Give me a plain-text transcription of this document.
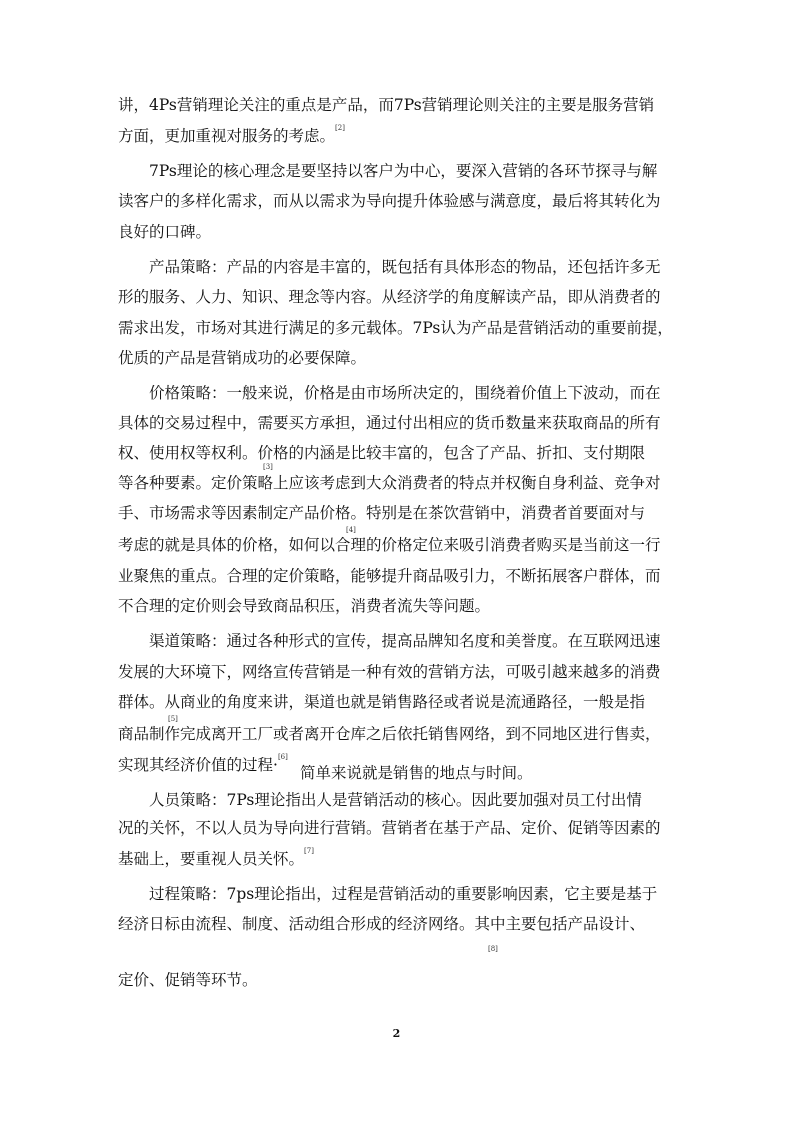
讲，4Ps营销理论关注的重点是产品，而7Ps营销理论则关注的主要是服务营销
方面，更加重视对服务的考虑。[2]
7Ps理论的核心理念是要坚持以客户为中心，要深入营销的各环节探寻与解
读客户的多样化需求，而从以需求为导向提升体验感与满意度，最后将其转化为
良好的口碑。
产品策略：产品的内容是丰富的，既包括有具体形态的物品，还包括许多无
形的服务、人力、知识、理念等内容。从经济学的角度解读产品，即从消费者的
需求出发，市场对其进行满足的多元载体。7Ps认为产品是营销活动的重要前提，
优质的产品是营销成功的必要保障。
价格策略：一般来说，价格是由市场所决定的，围绕着价值上下波动，而在
具体的交易过程中，需要买方承担，通过付出相应的货币数量来获取商品的所有
权、使用权等权利。价格的内涵是比较丰富的，包含了产品、折扣、支付期限
[3]
等各种要素。定价策略上应该考虑到大众消费者的特点并权衡自身利益、竞争对
手、市场需求等因素制定产品价格。特别是在茶饮营销中，消费者首要面对与
[4]
考虑的就是具体的价格，如何以合理的价格定位来吸引消费者购买是当前这一行
业聚焦的重点。合理的定价策略，能够提升商品吸引力，不断拓展客户群体，而
不合理的定价则会导致商品积压，消费者流失等问题。
渠道策略：通过各种形式的宣传，提高品牌知名度和美誉度。在互联网迅速
发展的大环境下，网络宣传营销是一种有效的营销方法，可吸引越来越多的消费
群体。从商业的角度来讲，渠道也就是销售路径或者说是流通路径，一般是指
[5]
商品制作完成离开工厂或者离开仓库之后依托销售网络，到不同地区进行售卖，
实现其经济价值的过程·[6]
简单来说就是销售的地点与时间。
人员策略：7Ps理论指出人是营销活动的核心。因此要加强对员工付出情
况的关怀，不以人员为导向进行营销。营销者在基于产品、定价、促销等因素的
基础上，要重视人员关怀。[7]
过程策略：7ps理论指出，过程是营销活动的重要影响因素，它主要是基于
经济日标由流程、制度、活动组合形成的经济网络。其中主要包括产品设计、
[8]
定价、促销等环节。
2
